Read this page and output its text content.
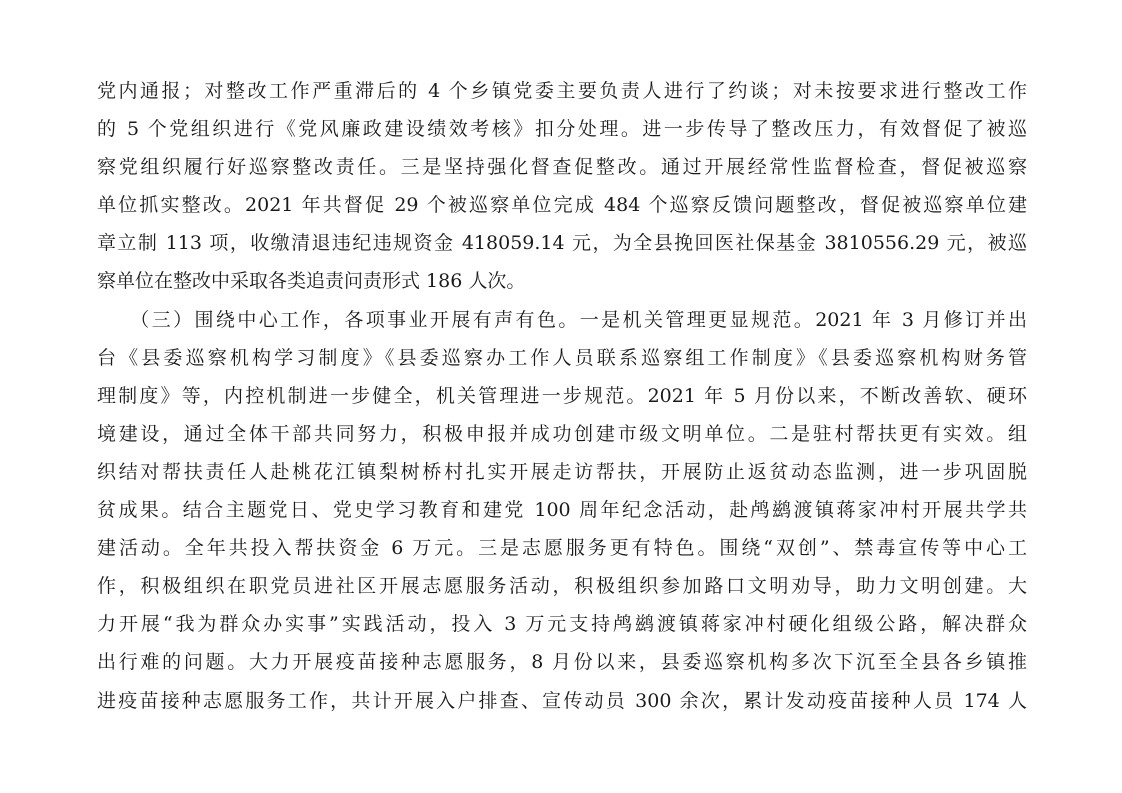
党内通报；对整改工作严重滞后的 4 个乡镇党委主要负责人进行了约谈；对未按要求进行整改工作
的 5 个党组织进行《党风廉政建设绩效考核》扣分处理。进一步传导了整改压力，有效督促了被巡
察党组织履行好巡察整改责任。三是坚持强化督查促整改。通过开展经常性监督检查，督促被巡察
单位抓实整改。2021 年共督促 29 个被巡察单位完成 484 个巡察反馈问题整改，督促被巡察单位建
章立制 113 项，收缴清退违纪违规资金 418059.14 元，为全县挽回医社保基金 3810556.29 元，被巡
察单位在整改中采取各类追责问责形式 186 人次。
　　（三）围绕中心工作，各项事业开展有声有色。一是机关管理更显规范。2021 年 3 月修订并出
台《县委巡察机构学习制度》《县委巡察办工作人员联系巡察组工作制度》《县委巡察机构财务管
理制度》等，内控机制进一步健全，机关管理进一步规范。2021 年 5 月份以来，不断改善软、硬环
境建设，通过全体干部共同努力，积极申报并成功创建市级文明单位。二是驻村帮扶更有实效。组
织结对帮扶责任人赴桃花江镇梨树桥村扎实开展走访帮扶，开展防止返贫动态监测，进一步巩固脱
贫成果。结合主题党日、党史学习教育和建党 100 周年纪念活动，赴鸬鹚渡镇蒋家冲村开展共学共
建活动。全年共投入帮扶资金 6 万元。三是志愿服务更有特色。围绕“双创”、禁毒宣传等中心工
作，积极组织在职党员进社区开展志愿服务活动，积极组织参加路口文明劝导，助力文明创建。大
力开展“我为群众办实事”实践活动，投入 3 万元支持鸬鹚渡镇蒋家冲村硬化组级公路，解决群众
出行难的问题。大力开展疫苗接种志愿服务，8 月份以来，县委巡察机构多次下沉至全县各乡镇推
进疫苗接种志愿服务工作，共计开展入户排查、宣传动员 300 余次，累计发动疫苗接种人员 174 人
